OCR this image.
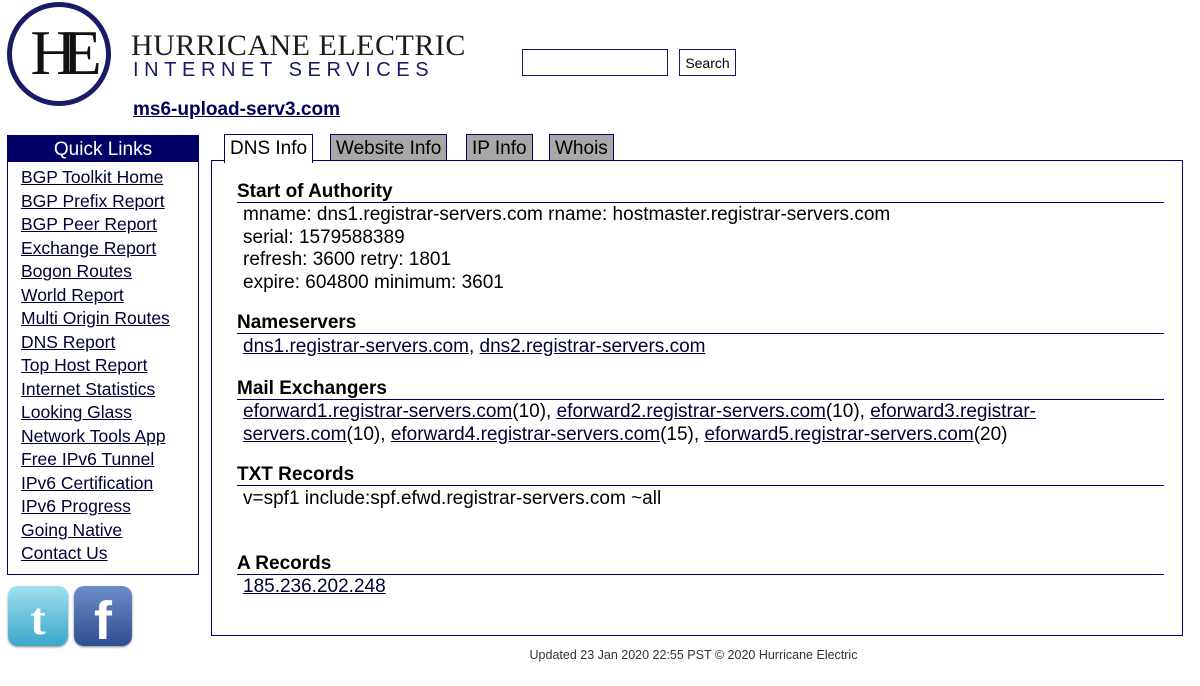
HE	HURRICANE ELECTRIC
INTERNET SERVICES	Search
ms6-upload-serv3.com
Quick Links
BGP Toolkit Home
BGP Prefix Report
BGP Peer Report
Exchange Report
Bogon Routes
World Report
Multi Origin Routes
DNS Report
Top Host Report
Internet Statistics
Looking Glass
Network Tools App
Free IPv6 Tunnel
IPv6 Certification
IPv6 Progress
Going Native
Contact Us
t f
DNS Info	Website Info	IP Info	Whois
Start of Authority
mname: dns1.registrar-servers.com rname: hostmaster.registrar-servers.com
serial: 1579588389
refresh: 3600 retry: 1801
expire: 604800 minimum: 3601
Nameservers
dns1.registrar-servers.com, dns2.registrar-servers.com
Mail Exchangers
eforward1.registrar-servers.com(10), eforward2.registrar-servers.com(10), eforward3.registrar-
servers.com(10), eforward4.registrar-servers.com(15), eforward5.registrar-servers.com(20)
TXT Records
v=spf1 include:spf.efwd.registrar-servers.com ~all
A Records
185.236.202.248
Updated 23 Jan 2020 22:55 PST © 2020 Hurricane Electric
